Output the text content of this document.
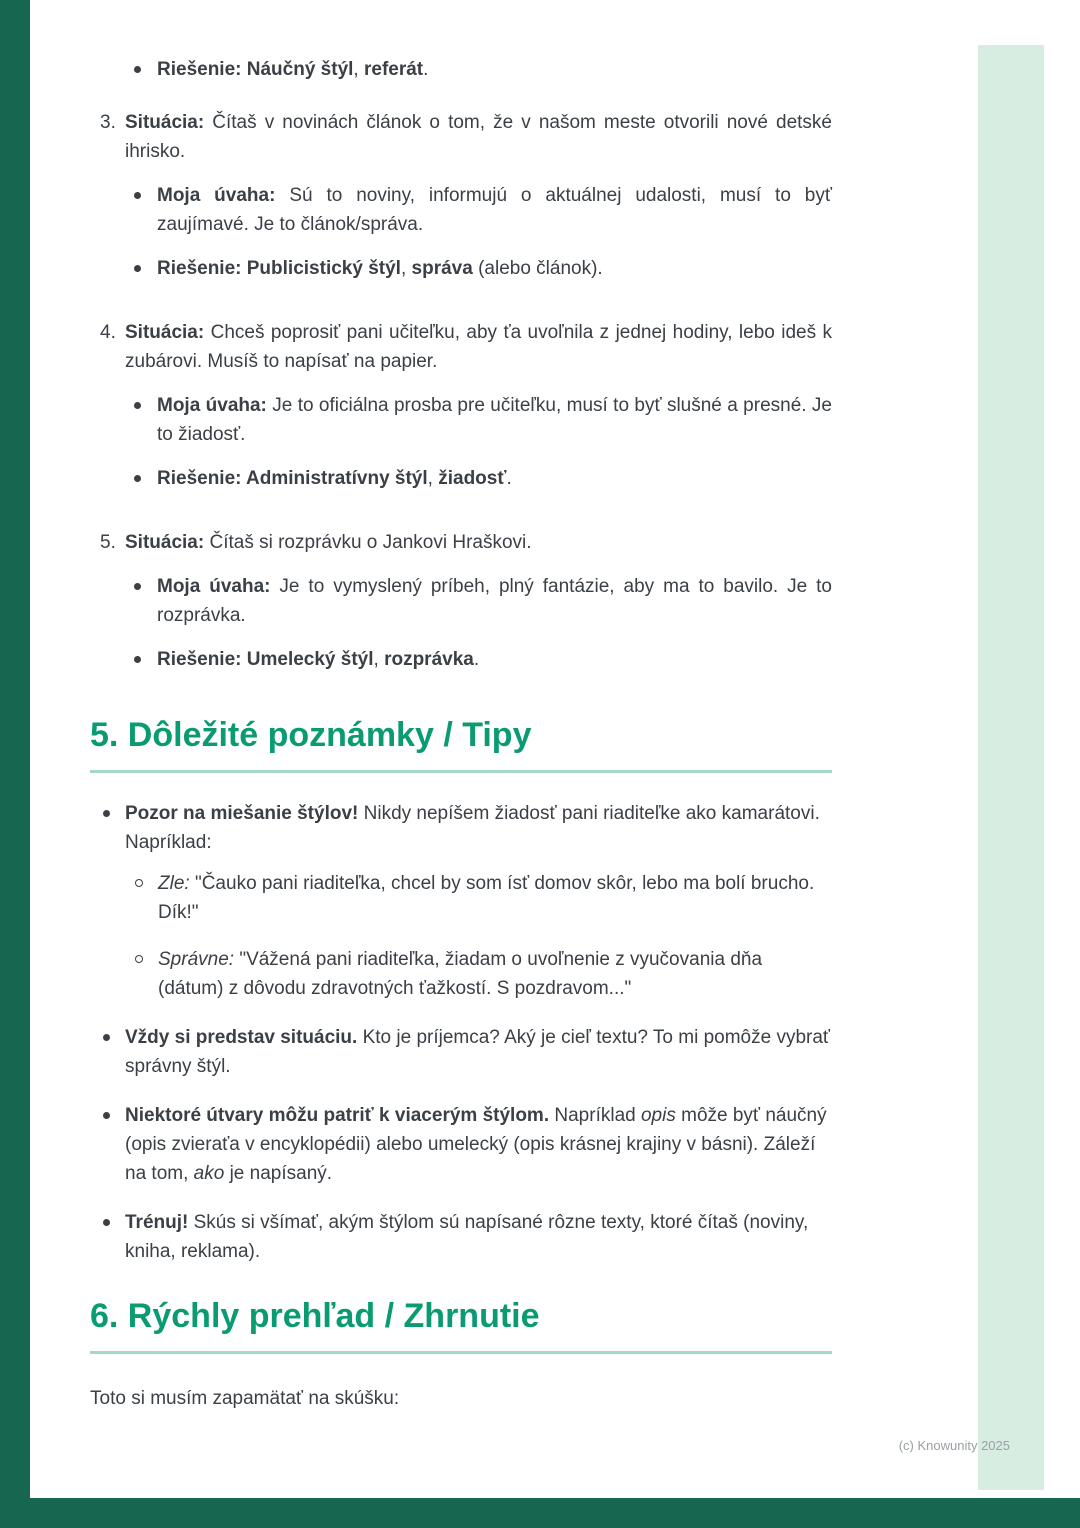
Riešenie: Náučný štýl, referát.

3. Situácia: Čítaš v novinách článok o tom, že v našom meste otvorili nové detské ihrisko.

Moja úvaha: Sú to noviny, informujú o aktuálnej udalosti, musí to byť zaujímavé. Je to článok/správa.

Riešenie: Publicistický štýl, správa (alebo článok).

4. Situácia: Chceš poprosiť pani učiteľku, aby ťa uvoľnila z jednej hodiny, lebo ideš k zubárovi. Musíš to napísať na papier.

Moja úvaha: Je to oficiálna prosba pre učiteľku, musí to byť slušné a presné. Je to žiadosť.

Riešenie: Administratívny štýl, žiadosť.

5. Situácia: Čítaš si rozprávku o Jankovi Hraškovi.

Moja úvaha: Je to vymyslený príbeh, plný fantázie, aby ma to bavilo. Je to rozprávka.

Riešenie: Umelecký štýl, rozprávka.

5. Dôležité poznámky / Tipy

Pozor na miešanie štýlov! Nikdy nepíšem žiadosť pani riaditeľke ako kamarátovi. Napríklad:

Zle: "Čauko pani riaditeľka, chcel by som ísť domov skôr, lebo ma bolí brucho. Dík!"

Správne: "Vážená pani riaditeľka, žiadam o uvoľnenie z vyučovania dňa (dátum) z dôvodu zdravotných ťažkostí. S pozdravom..."

Vždy si predstav situáciu. Kto je príjemca? Aký je cieľ textu? To mi pomôže vybrať správny štýl.

Niektoré útvary môžu patriť k viacerým štýlom. Napríklad opis môže byť náučný (opis zvieraťa v encyklopédii) alebo umelecký (opis krásnej krajiny v básni). Záleží na tom, ako je napísaný.

Trénuj! Skús si všímať, akým štýlom sú napísané rôzne texty, ktoré čítaš (noviny, kniha, reklama).

6. Rýchly prehľad / Zhrnutie

Toto si musím zapamätať na skúšku:

(c) Knowunity 2025
